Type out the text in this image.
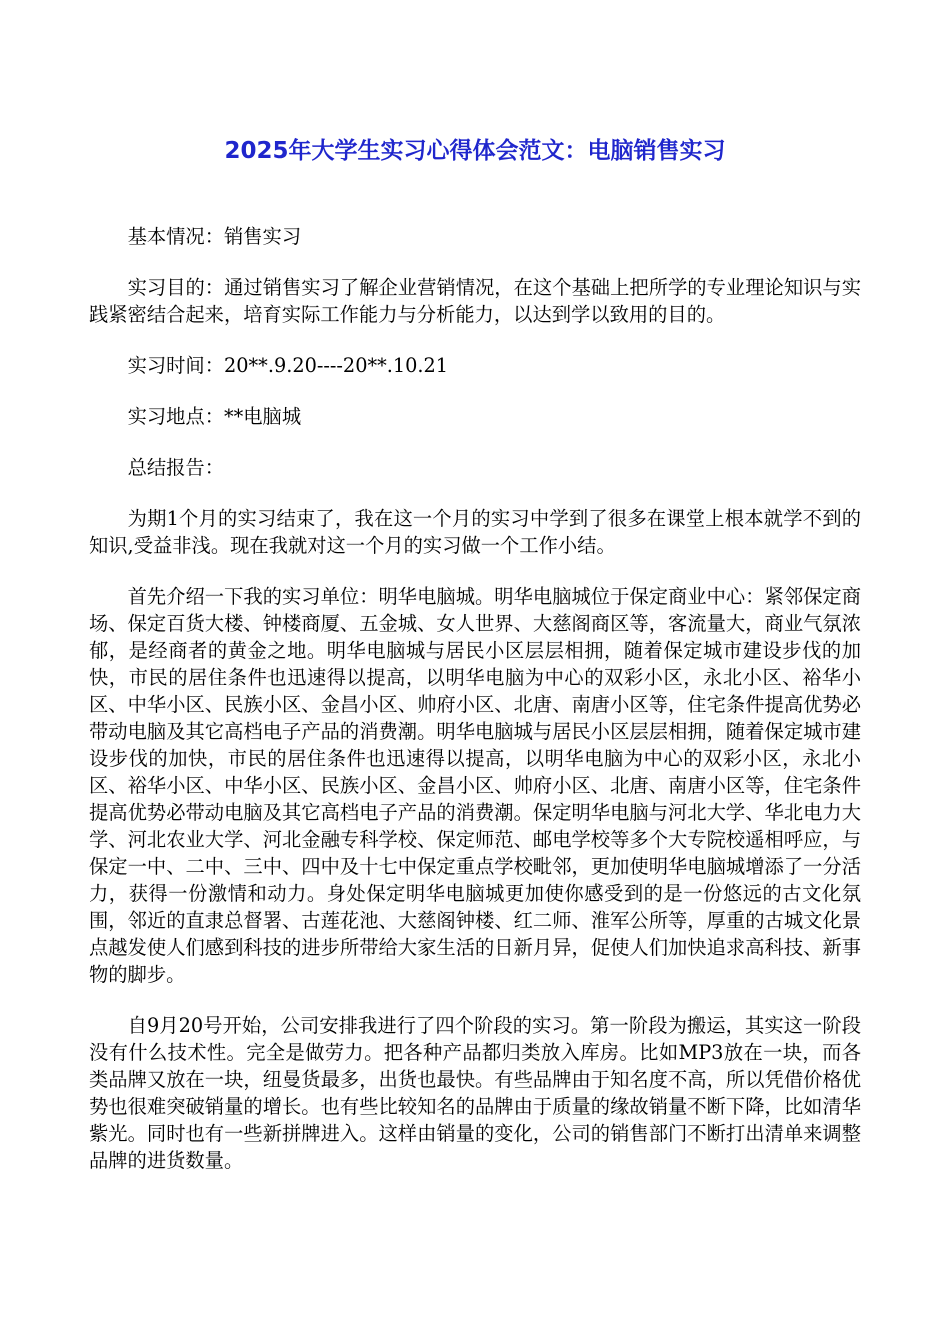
2025年大学生实习心得体会范文：电脑销售实习

基本情况：销售实习

实习目的：通过销售实习了解企业营销情况，在这个基础上把所学的专业理论知识与实践紧密结合起来，培育实际工作能力与分析能力，以达到学以致用的目的。

实习时间：20**.9.20----20**.10.21

实习地点：**电脑城

总结报告：

为期1个月的实习结束了，我在这一个月的实习中学到了很多在课堂上根本就学不到的知识,受益非浅。现在我就对这一个月的实习做一个工作小结。

首先介绍一下我的实习单位：明华电脑城。明华电脑城位于保定商业中心：紧邻保定商场、保定百货大楼、钟楼商厦、五金城、女人世界、大慈阁商区等，客流量大，商业气氛浓郁，是经商者的黄金之地。明华电脑城与居民小区层层相拥，随着保定城市建设步伐的加快，市民的居住条件也迅速得以提高，以明华电脑为中心的双彩小区，永北小区、裕华小区、中华小区、民族小区、金昌小区、帅府小区、北唐、南唐小区等，住宅条件提高优势必带动电脑及其它高档电子产品的消费潮。明华电脑城与居民小区层层相拥，随着保定城市建设步伐的加快，市民的居住条件也迅速得以提高，以明华电脑为中心的双彩小区，永北小区、裕华小区、中华小区、民族小区、金昌小区、帅府小区、北唐、南唐小区等，住宅条件提高优势必带动电脑及其它高档电子产品的消费潮。保定明华电脑与河北大学、华北电力大学、河北农业大学、河北金融专科学校、保定师范、邮电学校等多个大专院校遥相呼应，与保定一中、二中、三中、四中及十七中保定重点学校毗邻，更加使明华电脑城增添了一分活力，获得一份激情和动力。身处保定明华电脑城更加使你感受到的是一份悠远的古文化氛围，邻近的直隶总督署、古莲花池、大慈阁钟楼、红二师、淮军公所等，厚重的古城文化景点越发使人们感到科技的进步所带给大家生活的日新月异，促使人们加快追求高科技、新事物的脚步。

自9月20号开始，公司安排我进行了四个阶段的实习。第一阶段为搬运，其实这一阶段没有什么技术性。完全是做劳力。把各种产品都归类放入库房。比如MP3放在一块，而各类品牌又放在一块，纽曼货最多，出货也最快。有些品牌由于知名度不高，所以凭借价格优势也很难突破销量的增长。也有些比较知名的品牌由于质量的缘故销量不断下降，比如清华紫光。同时也有一些新拼牌进入。这样由销量的变化，公司的销售部门不断打出清单来调整品牌的进货数量。
